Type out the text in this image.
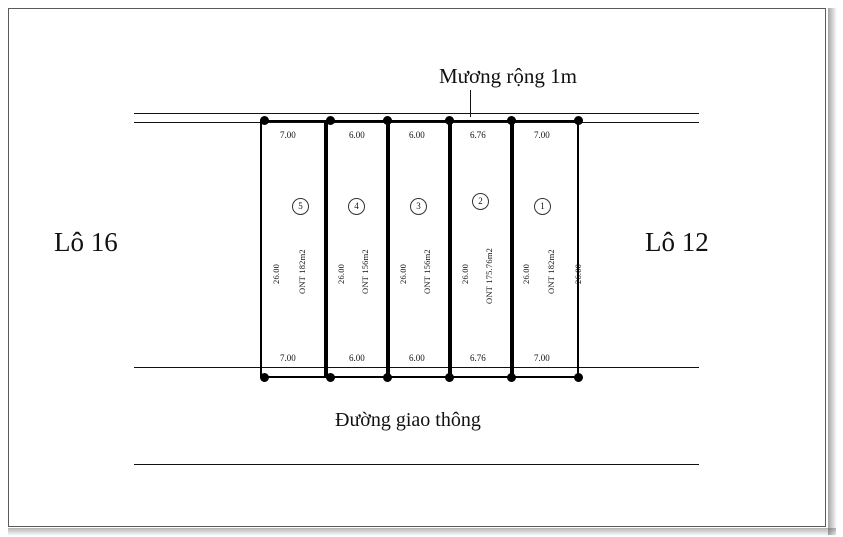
Mương rộng 1m
Lô 16	Lô 12
Đường giao thông
7.00
7.00
26.00 ONT 182m2
5
6.00
6.00
26.00 ONT 156m2
4
6.00
6.00
26.00 ONT 156m2
3
6.76
6.76
26.00 ONT 175.76m2
2
7.00
7.00
26.00 ONT 182m2
1
26.00
